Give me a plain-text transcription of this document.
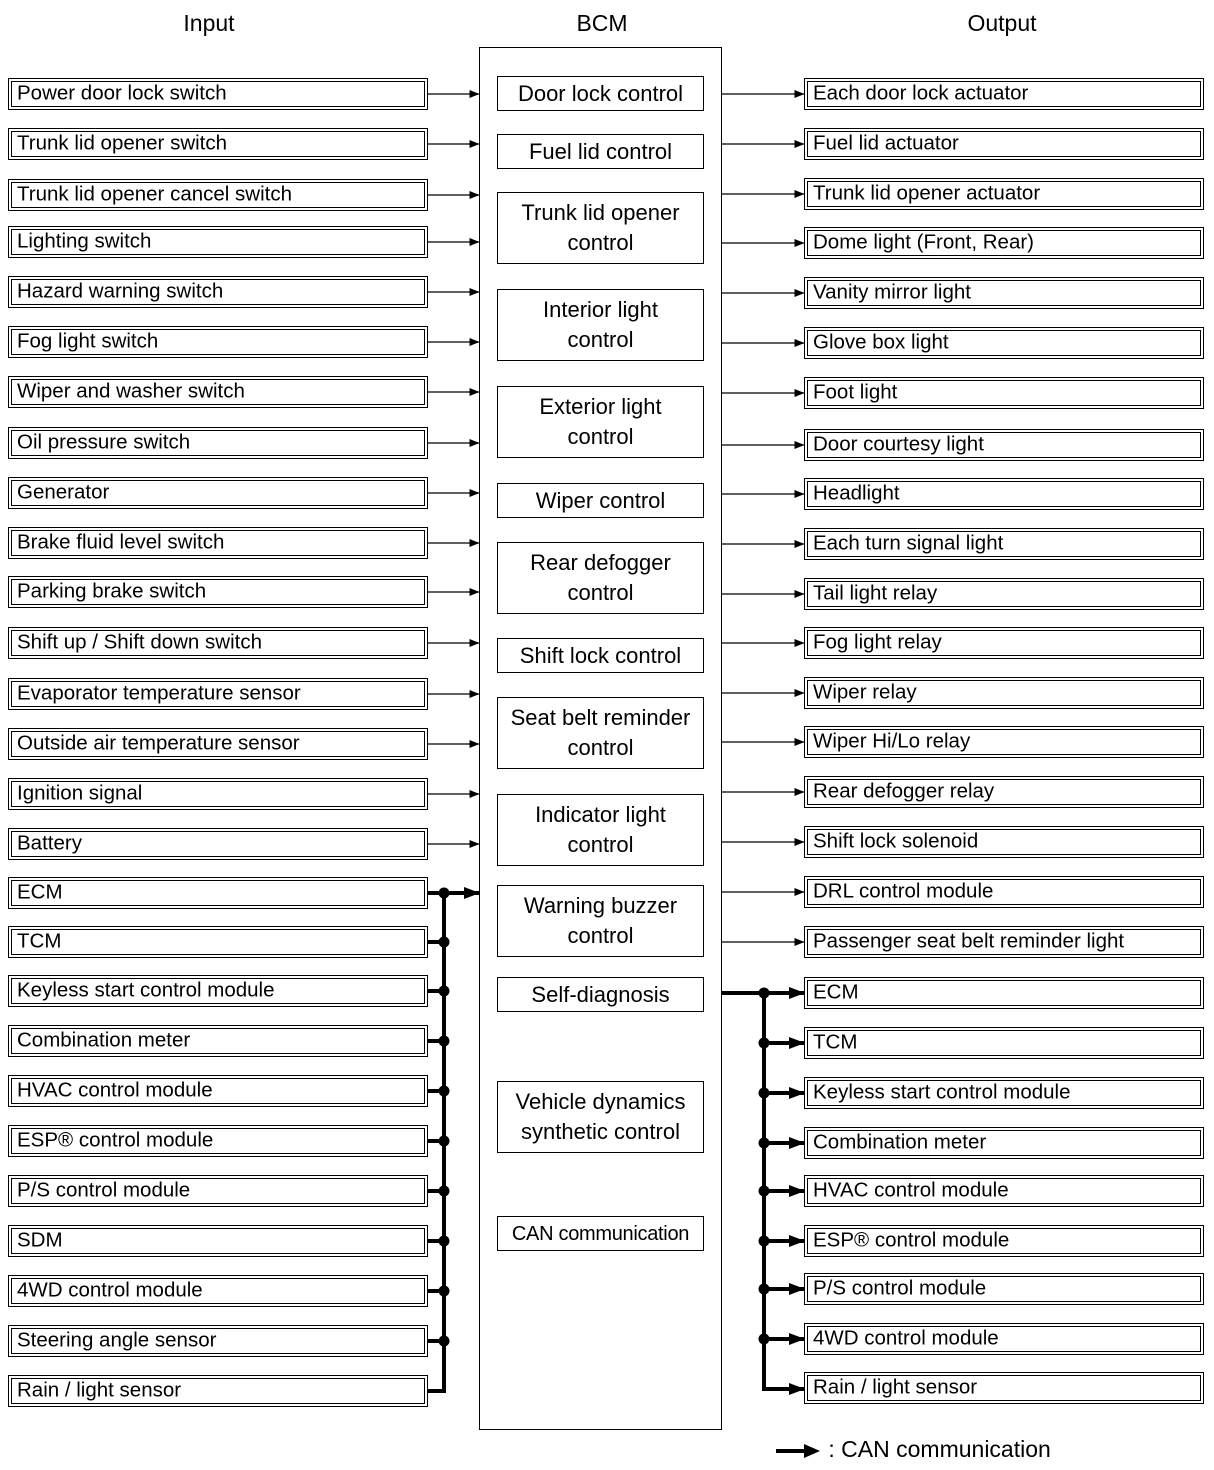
Input	BCM	Output
Power door lock switch
Trunk lid opener switch
Trunk lid opener cancel switch
Lighting switch
Hazard warning switch
Fog light switch
Wiper and washer switch
Oil pressure switch
Generator
Brake fluid level switch
Parking brake switch
Shift up / Shift down switch
Evaporator temperature sensor
Outside air temperature sensor
Ignition signal
Battery
ECM
TCM
Keyless start control module
Combination meter
HVAC control module
ESP® control module
P/S control module
SDM
4WD control module
Steering angle sensor
Rain / light sensor
Door lock control
Fuel lid control
Trunk lid opener control
Interior light control
Exterior light control
Wiper control
Rear defogger control
Shift lock control
Seat belt reminder control
Indicator light control
Warning buzzer control
Self-diagnosis
Vehicle dynamics synthetic control
CAN communication
Each door lock actuator
Fuel lid actuator
Trunk lid opener actuator
Dome light (Front, Rear)
Vanity mirror light
Glove box light
Foot light
Door courtesy light
Headlight
Each turn signal light
Tail light relay
Fog light relay
Wiper relay
Wiper Hi/Lo relay
Rear defogger relay
Shift lock solenoid
DRL control module
Passenger seat belt reminder light
ECM
TCM
Keyless start control module
Combination meter
HVAC control module
ESP® control module
P/S control module
4WD control module
Rain / light sensor
: CAN communication
